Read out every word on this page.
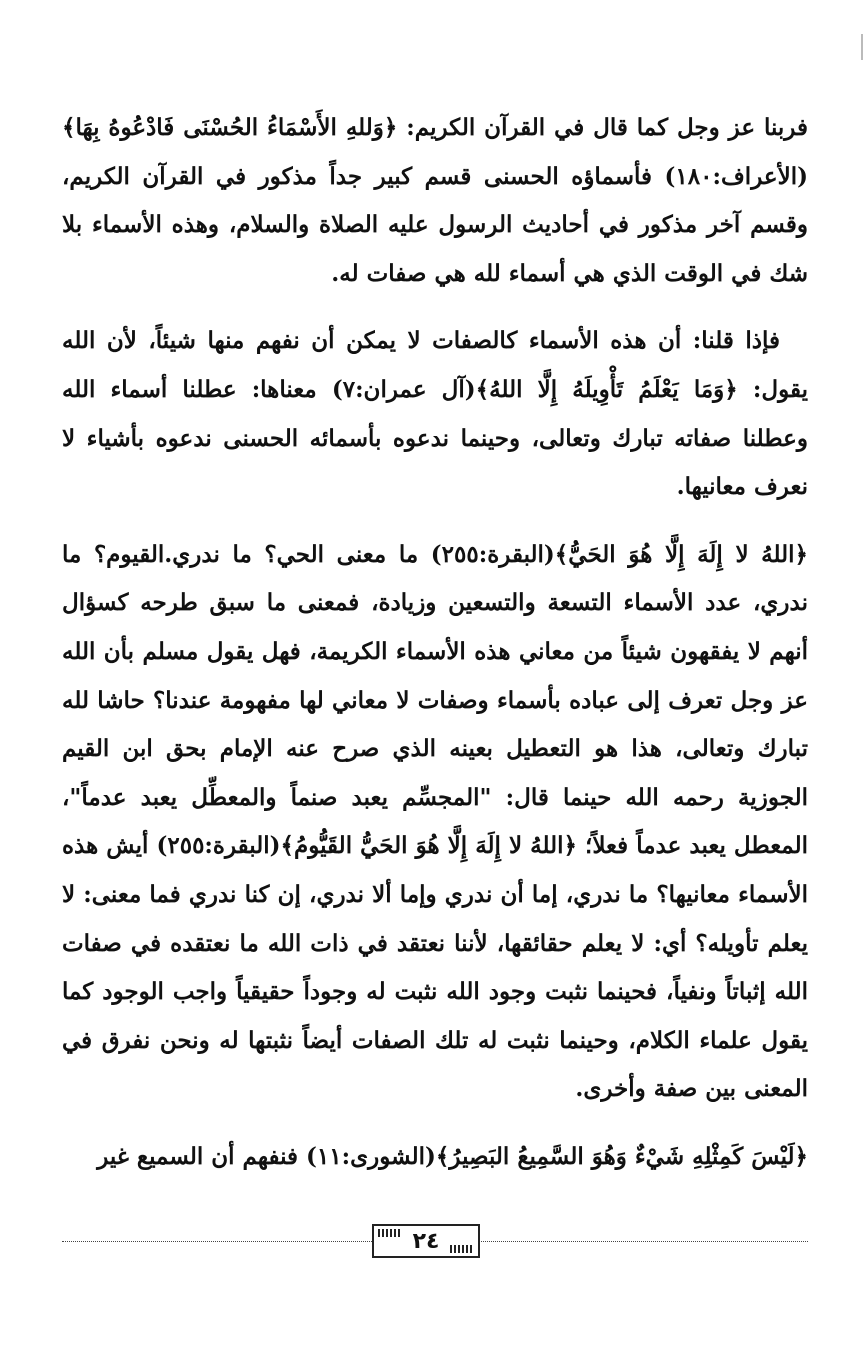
فربنا عز وجل كما قال في القرآن الكريم: ﴿وَللهِ الأَسْمَاءُ الحُسْنَى فَادْعُوهُ بِهَا﴾(الأعراف:١٨٠) فأسماؤه الحسنى قسم كبير جداً مذكور في القرآن الكريم، وقسم آخر مذكور في أحاديث الرسول عليه الصلاة والسلام، وهذه الأسماء بلا شك في الوقت الذي هي أسماء لله هي صفات له.

فإذا قلنا: أن هذه الأسماء كالصفات لا يمكن أن نفهم منها شيئاً، لأن الله يقول: ﴿وَمَا يَعْلَمُ تَأْوِيلَهُ إِلَّا اللهُ﴾(آل عمران:٧) معناها: عطلنا أسماء الله وعطلنا صفاته تبارك وتعالى، وحينما ندعوه بأسمائه الحسنى ندعوه بأشياء لا نعرف معانيها.

﴿اللهُ لا إِلَهَ إِلَّا هُوَ الحَيُّ﴾(البقرة:٢٥٥) ما معنى الحي؟ ما ندري.القيوم؟ ما ندري، عدد الأسماء التسعة والتسعين وزيادة، فمعنى ما سبق طرحه كسؤال أنهم لا يفقهون شيئاً من معاني هذه الأسماء الكريمة، فهل يقول مسلم بأن الله عز وجل تعرف إلى عباده بأسماء وصفات لا معاني لها مفهومة عندنا؟ حاشا لله تبارك وتعالى، هذا هو التعطيل بعينه الذي صرح عنه الإمام بحق ابن القيم الجوزية رحمه الله حينما قال: "المجسِّم يعبد صنماً والمعطِّل يعبد عدماً"، المعطل يعبد عدماً فعلاً؛ ﴿اللهُ لا إِلَهَ إِلَّا هُوَ الحَيُّ القَيُّومُ﴾(البقرة:٢٥٥) أيش هذه الأسماء معانيها؟ ما ندري، إما أن ندري وإما ألا ندري، إن كنا ندري فما معنى: لا يعلم تأويله؟ أي: لا يعلم حقائقها، لأننا نعتقد في ذات الله ما نعتقده في صفات الله إثباتاً ونفياً، فحينما نثبت وجود الله نثبت له وجوداً حقيقياً واجب الوجود كما يقول علماء الكلام، وحينما نثبت له تلك الصفات أيضاً نثبتها له ونحن نفرق في المعنى بين صفة وأخرى.

﴿لَيْسَ كَمِثْلِهِ شَيْءٌ وَهُوَ السَّمِيعُ البَصِيرُ﴾(الشورى:١١) فنفهم أن السميع غير

٢٤
